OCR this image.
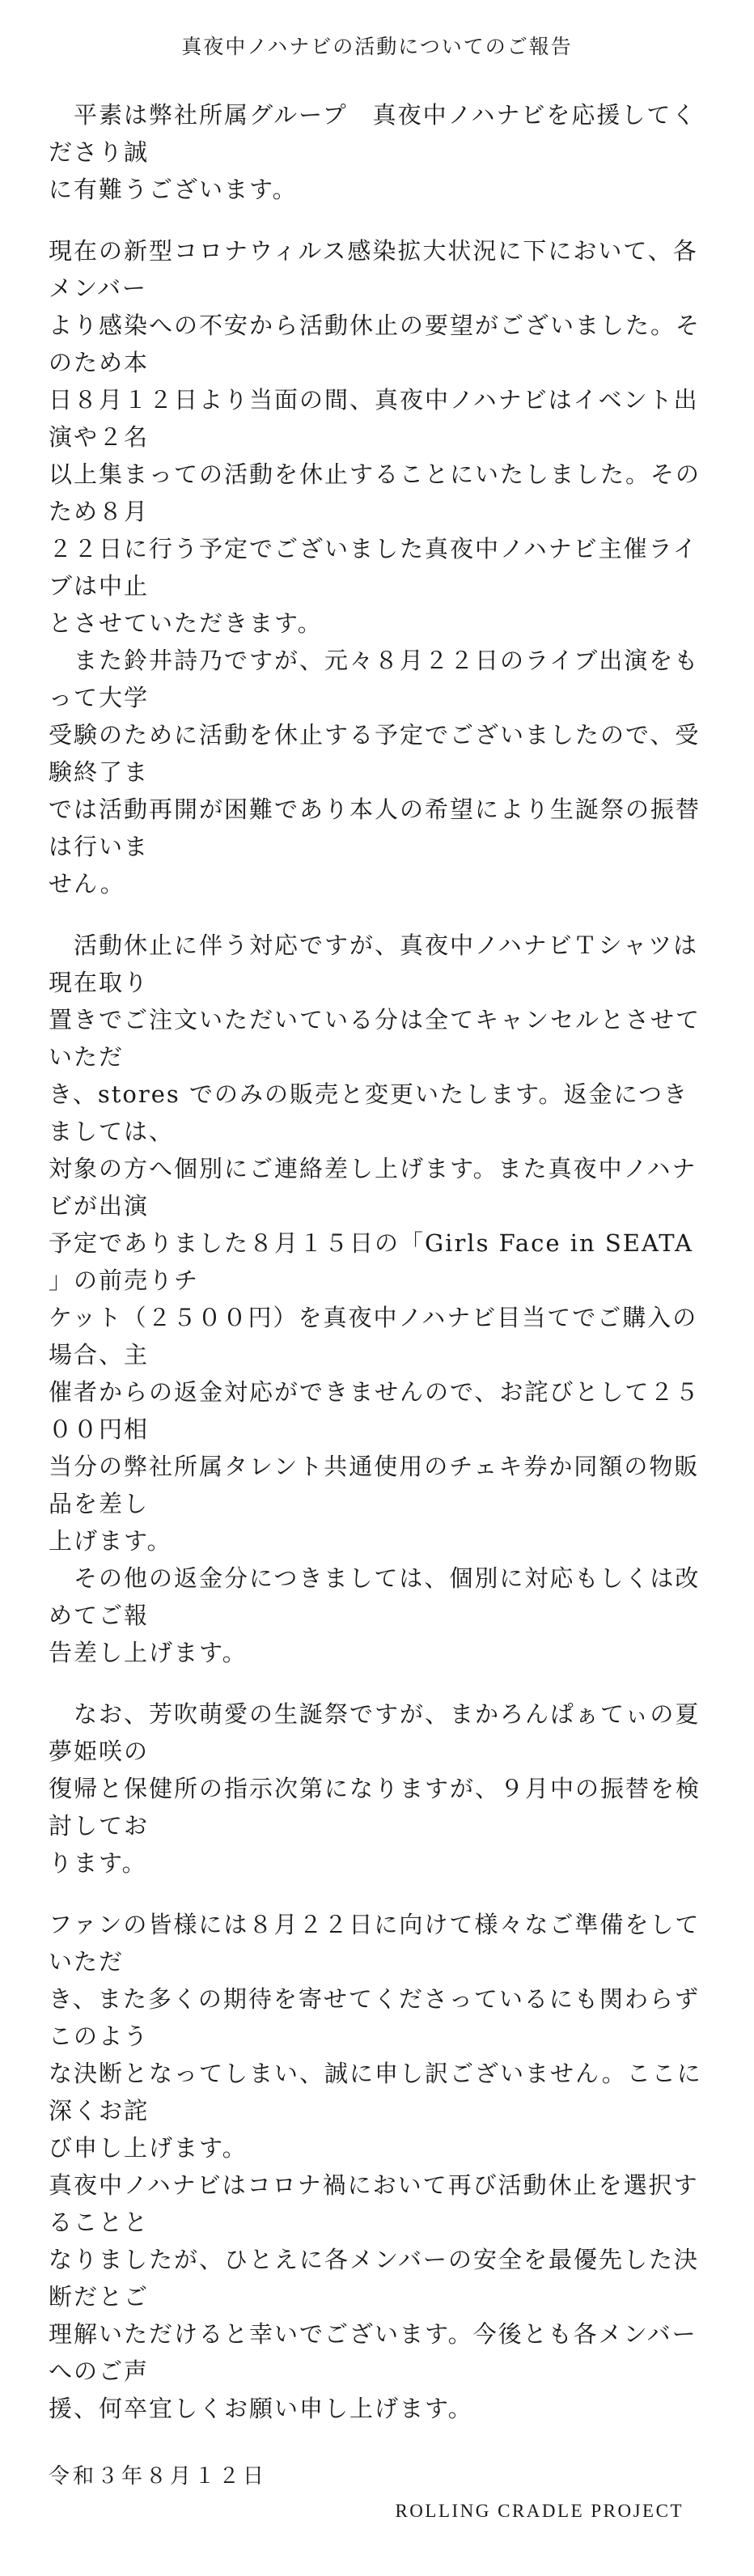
真夜中ノハナビの活動についてのご報告
　平素は弊社所属グループ　真夜中ノハナビを応援してくださり誠
に有難うございます。
現在の新型コロナウィルス感染拡大状況に下において、各メンバー
より感染への不安から活動休止の要望がございました。そのため本
日８月１２日より当面の間、真夜中ノハナビはイベント出演や２名
以上集まっての活動を休止することにいたしました。そのため８月
２２日に行う予定でございました真夜中ノハナビ主催ライブは中止
とさせていただきます。
　また鈴井詩乃ですが、元々８月２２日のライブ出演をもって大学
受験のために活動を休止する予定でございましたので、受験終了ま
では活動再開が困難であり本人の希望により生誕祭の振替は行いま
せん。
　活動休止に伴う対応ですが、真夜中ノハナビＴシャツは現在取り
置きでご注文いただいている分は全てキャンセルとさせていただ
き、stores でのみの販売と変更いたします。返金につきましては、
対象の方へ個別にご連絡差し上げます。また真夜中ノハナビが出演
予定でありました８月１５日の「Girls Face in SEATA 」の前売りチ
ケット（２５００円）を真夜中ノハナビ目当てでご購入の場合、主
催者からの返金対応ができませんので、お詫びとして２５００円相
当分の弊社所属タレント共通使用のチェキ券か同額の物販品を差し
上げます。
　その他の返金分につきましては、個別に対応もしくは改めてご報
告差し上げます。
　なお、芳吹萌愛の生誕祭ですが、まかろんぱぁてぃの夏夢姫咲の
復帰と保健所の指示次第になりますが、９月中の振替を検討してお
ります。
ファンの皆様には８月２２日に向けて様々なご準備をしていただ
き、また多くの期待を寄せてくださっているにも関わらずこのよう
な決断となってしまい、誠に申し訳ございません。ここに深くお詫
び申し上げます。
真夜中ノハナビはコロナ禍において再び活動休止を選択することと
なりましたが、ひとえに各メンバーの安全を最優先した決断だとご
理解いただけると幸いでございます。今後とも各メンバーへのご声
援、何卒宜しくお願い申し上げます。
令和３年８月１２日
ROLLING CRADLE PROJECT
